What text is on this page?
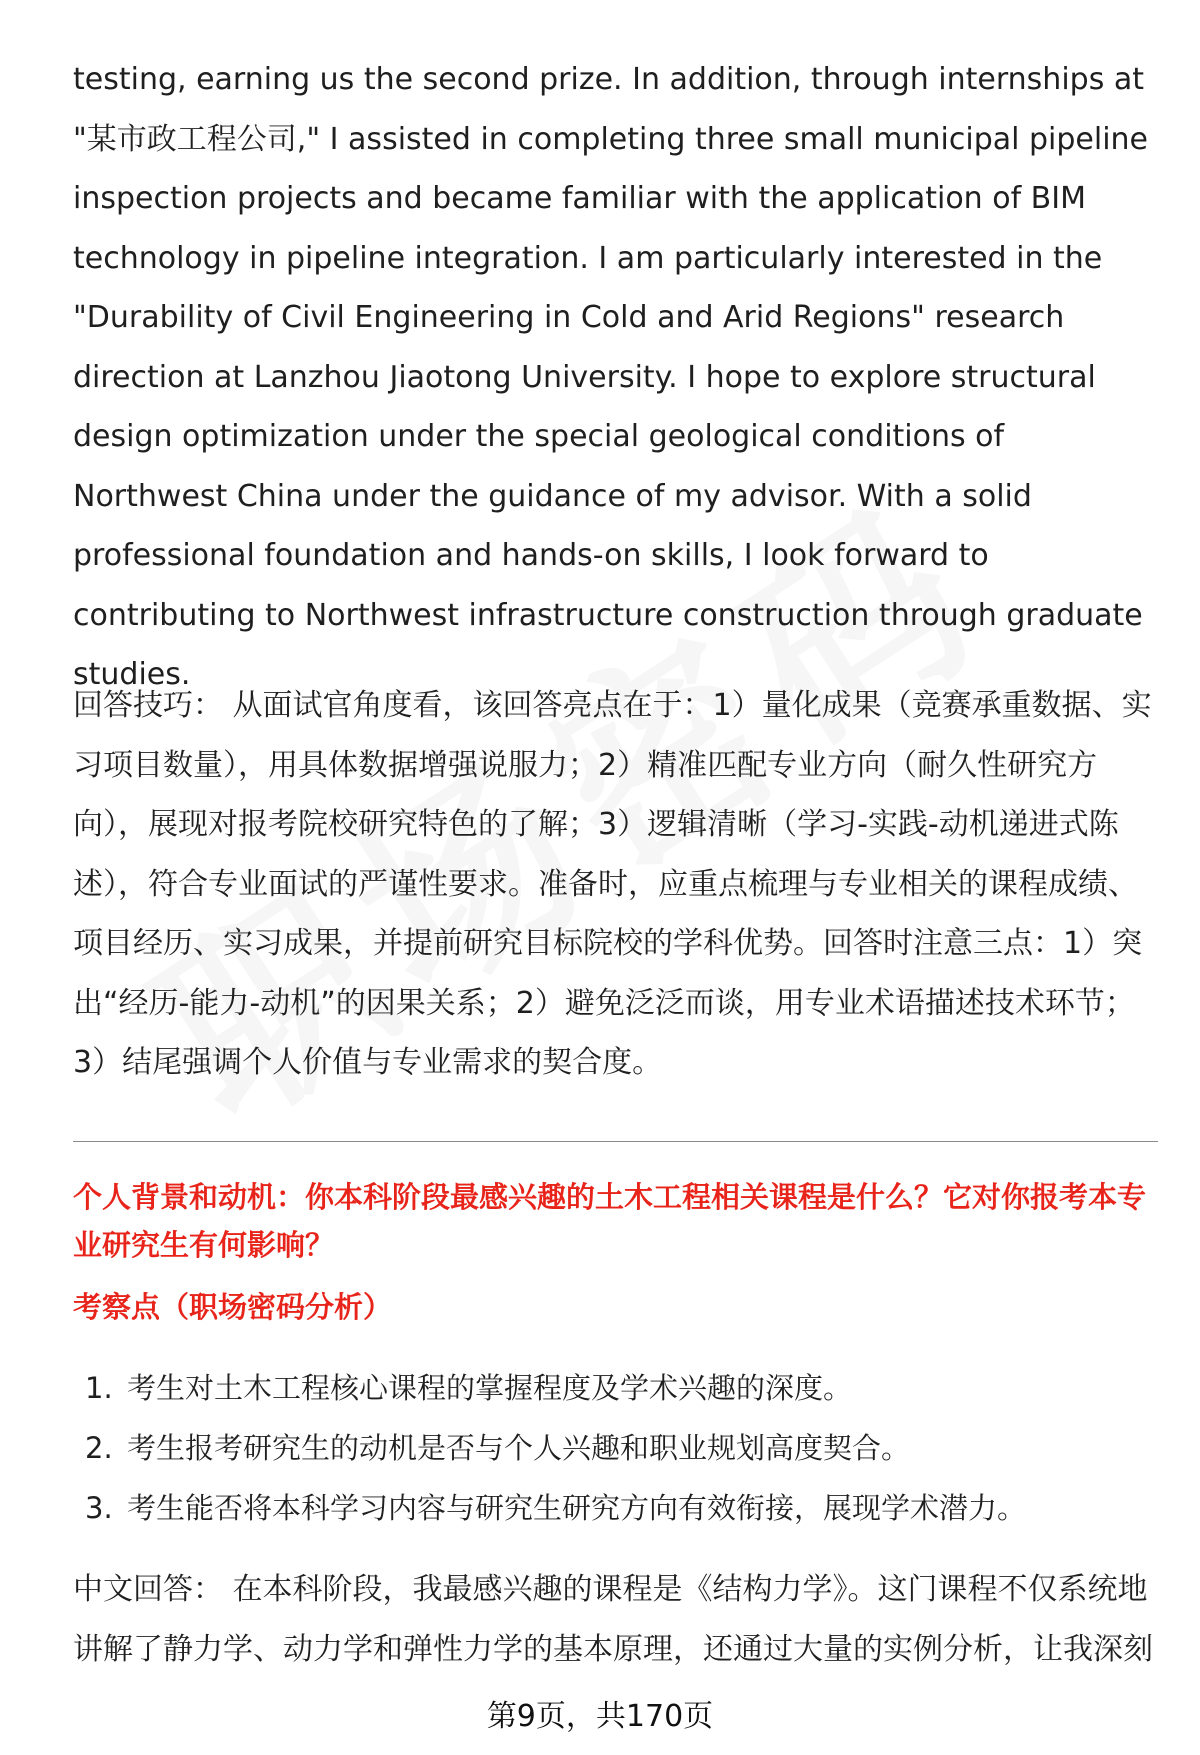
testing, earning us the second prize. In addition, through internships at "某市政工程公司," I assisted in completing three small municipal pipeline inspection projects and became familiar with the application of BIM technology in pipeline integration. I am particularly interested in the "Durability of Civil Engineering in Cold and Arid Regions" research direction at Lanzhou Jiaotong University. I hope to explore structural design optimization under the special geological conditions of Northwest China under the guidance of my advisor. With a solid professional foundation and hands-on skills, I look forward to contributing to Northwest infrastructure construction through graduate studies.
回答技巧： 从面试官角度看，该回答亮点在于：1）量化成果（竞赛承重数据、实习项目数量），用具体数据增强说服力；2）精准匹配专业方向（耐久性研究方向），展现对报考院校研究特色的了解；3）逻辑清晰（学习-实践-动机递进式陈述），符合专业面试的严谨性要求。准备时，应重点梳理与专业相关的课程成绩、项目经历、实习成果，并提前研究目标院校的学科优势。回答时注意三点：1）突出“经历-能力-动机”的因果关系；2）避免泛泛而谈，用专业术语描述技术环节；3）结尾强调个人价值与专业需求的契合度。
个人背景和动机：你本科阶段最感兴趣的土木工程相关课程是什么？它对你报考本专业研究生有何影响？
考察点（职场密码分析）
1. 考生对土木工程核心课程的掌握程度及学术兴趣的深度。
2. 考生报考研究生的动机是否与个人兴趣和职业规划高度契合。
3. 考生能否将本科学习内容与研究生研究方向有效衔接，展现学术潜力。
中文回答： 在本科阶段，我最感兴趣的课程是《结构力学》。这门课程不仅系统地讲解了静力学、动力学和弹性力学的基本原理，还通过大量的实例分析，让我深刻
第9页，共170页
